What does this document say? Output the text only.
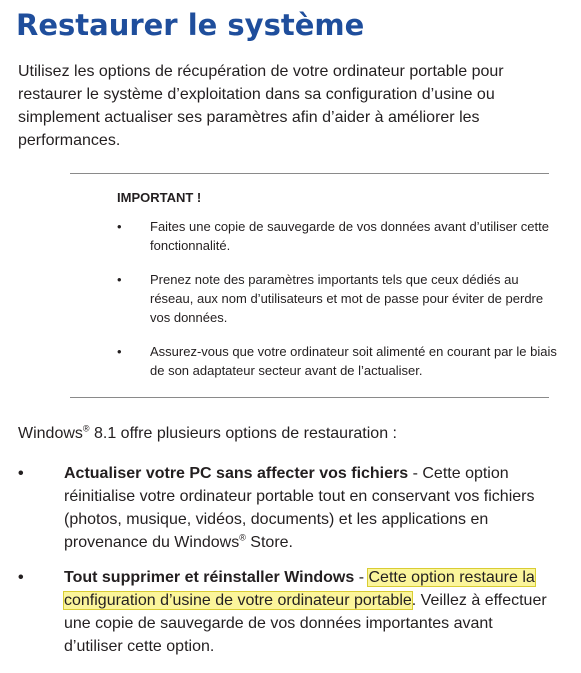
Restaurer le système
Utilisez les options de récupération de votre ordinateur portable pour restaurer le système d’exploitation dans sa configuration d’usine ou simplement actualiser ses paramètres afin d’aider à améliorer les performances.
IMPORTANT !
• Faites une copie de sauvegarde de vos données avant d’utiliser cette fonctionnalité.
• Prenez note des paramètres importants tels que ceux dédiés au réseau, aux nom d’utilisateurs et mot de passe pour éviter de perdre vos données.
• Assurez-vous que votre ordinateur soit alimenté en courant par le biais de son adaptateur secteur avant de l’actualiser.
Windows® 8.1 offre plusieurs options de restauration :
•	Actualiser votre PC sans affecter vos fichiers - Cette option réinitialise votre ordinateur portable tout en conservant vos fichiers (photos, musique, vidéos, documents) et les applications en provenance du Windows® Store.
•	Tout supprimer et réinstaller Windows - Cette option restaure la configuration d’usine de votre ordinateur portable. Veillez à effectuer une copie de sauvegarde de vos données importantes avant d’utiliser cette option.
